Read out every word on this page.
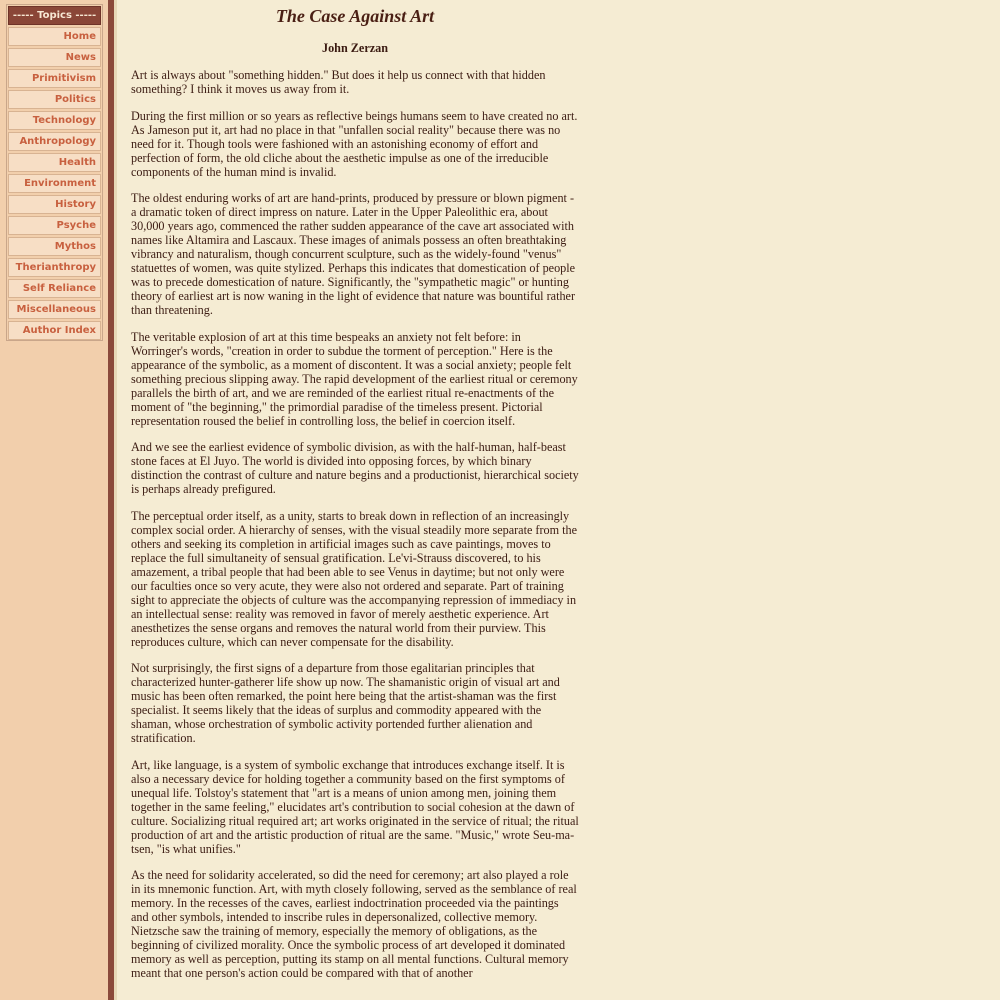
----- Topics -----
Home
News
Primitivism
Politics
Technology
Anthropology
Health
Environment
History
Psyche
Mythos
Therianthropy
Self Reliance
Miscellaneous
Author Index
The Case Against Art
John Zerzan

Art is always about "something hidden." But does it help us connect with that hidden something? I think it moves us away from it.

During the first million or so years as reflective beings humans seem to have created no art. As Jameson put it, art had no place in that "unfallen social reality" because there was no need for it. Though tools were fashioned with an astonishing economy of effort and perfection of form, the old cliche about the aesthetic impulse as one of the irreducible components of the human mind is invalid.

The oldest enduring works of art are hand-prints, produced by pressure or blown pigment - a dramatic token of direct impress on nature. Later in the Upper Paleolithic era, about 30,000 years ago, commenced the rather sudden appearance of the cave art associated with names like Altamira and Lascaux. These images of animals possess an often breathtaking vibrancy and naturalism, though concurrent sculpture, such as the widely-found "venus" statuettes of women, was quite stylized. Perhaps this indicates that domestication of people was to precede domestication of nature. Significantly, the "sympathetic magic" or hunting theory of earliest art is now waning in the light of evidence that nature was bountiful rather than threatening.

The veritable explosion of art at this time bespeaks an anxiety not felt before: in Worringer's words, "creation in order to subdue the torment of perception." Here is the appearance of the symbolic, as a moment of discontent. It was a social anxiety; people felt something precious slipping away. The rapid development of the earliest ritual or ceremony parallels the birth of art, and we are reminded of the earliest ritual re-enactments of the moment of "the beginning," the primordial paradise of the timeless present. Pictorial representation roused the belief in controlling loss, the belief in coercion itself.

And we see the earliest evidence of symbolic division, as with the half-human, half-beast stone faces at El Juyo. The world is divided into opposing forces, by which binary distinction the contrast of culture and nature begins and a productionist, hierarchical society is perhaps already prefigured.

The perceptual order itself, as a unity, starts to break down in reflection of an increasingly complex social order. A hierarchy of senses, with the visual steadily more separate from the others and seeking its completion in artificial images such as cave paintings, moves to replace the full simultaneity of sensual gratification. Le'vi-Strauss discovered, to his amazement, a tribal people that had been able to see Venus in daytime; but not only were our faculties once so very acute, they were also not ordered and separate. Part of training sight to appreciate the objects of culture was the accompanying repression of immediacy in an intellectual sense: reality was removed in favor of merely aesthetic experience. Art anesthetizes the sense organs and removes the natural world from their purview. This reproduces culture, which can never compensate for the disability.

Not surprisingly, the first signs of a departure from those egalitarian principles that characterized hunter-gatherer life show up now. The shamanistic origin of visual art and music has been often remarked, the point here being that the artist-shaman was the first specialist. It seems likely that the ideas of surplus and commodity appeared with the shaman, whose orchestration of symbolic activity portended further alienation and stratification.

Art, like language, is a system of symbolic exchange that introduces exchange itself. It is also a necessary device for holding together a community based on the first symptoms of unequal life. Tolstoy's statement that "art is a means of union among men, joining them together in the same feeling," elucidates art's contribution to social cohesion at the dawn of culture. Socializing ritual required art; art works originated in the service of ritual; the ritual production of art and the artistic production of ritual are the same. "Music," wrote Seu-ma-tsen, "is what unifies."

As the need for solidarity accelerated, so did the need for ceremony; art also played a role in its mnemonic function. Art, with myth closely following, served as the semblance of real memory. In the recesses of the caves, earliest indoctrination proceeded via the paintings and other symbols, intended to inscribe rules in depersonalized, collective memory. Nietzsche saw the training of memory, especially the memory of obligations, as the beginning of civilized morality. Once the symbolic process of art developed it dominated memory as well as perception, putting its stamp on all mental functions. Cultural memory meant that one person's action could be compared with that of another
